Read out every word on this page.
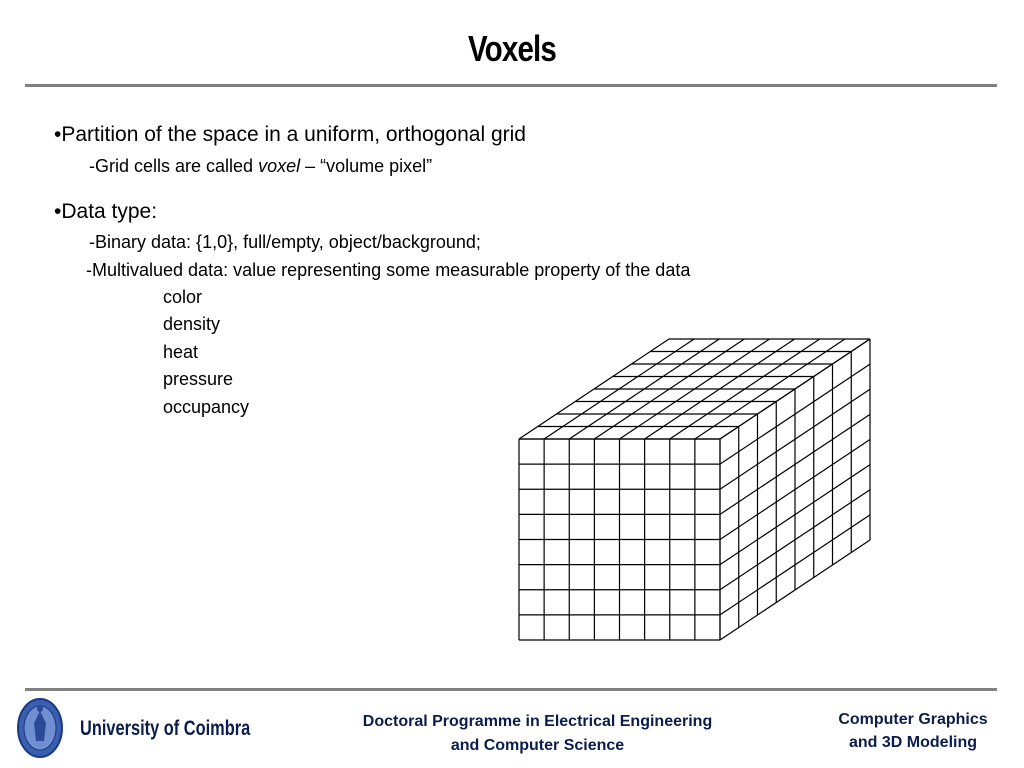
Voxels
•Partition of the space in a uniform, orthogonal grid
-Grid cells are called voxel – “volume pixel”
•Data type:
-Binary data: {1,0}, full/empty, object/background;
-Multivalued data: value representing some measurable property of the data
color
density
heat
pressure
occupancy
University of Coimbra	Doctoral Programme in Electrical Engineering
and Computer Science
Computer Graphics
and 3D Modeling
